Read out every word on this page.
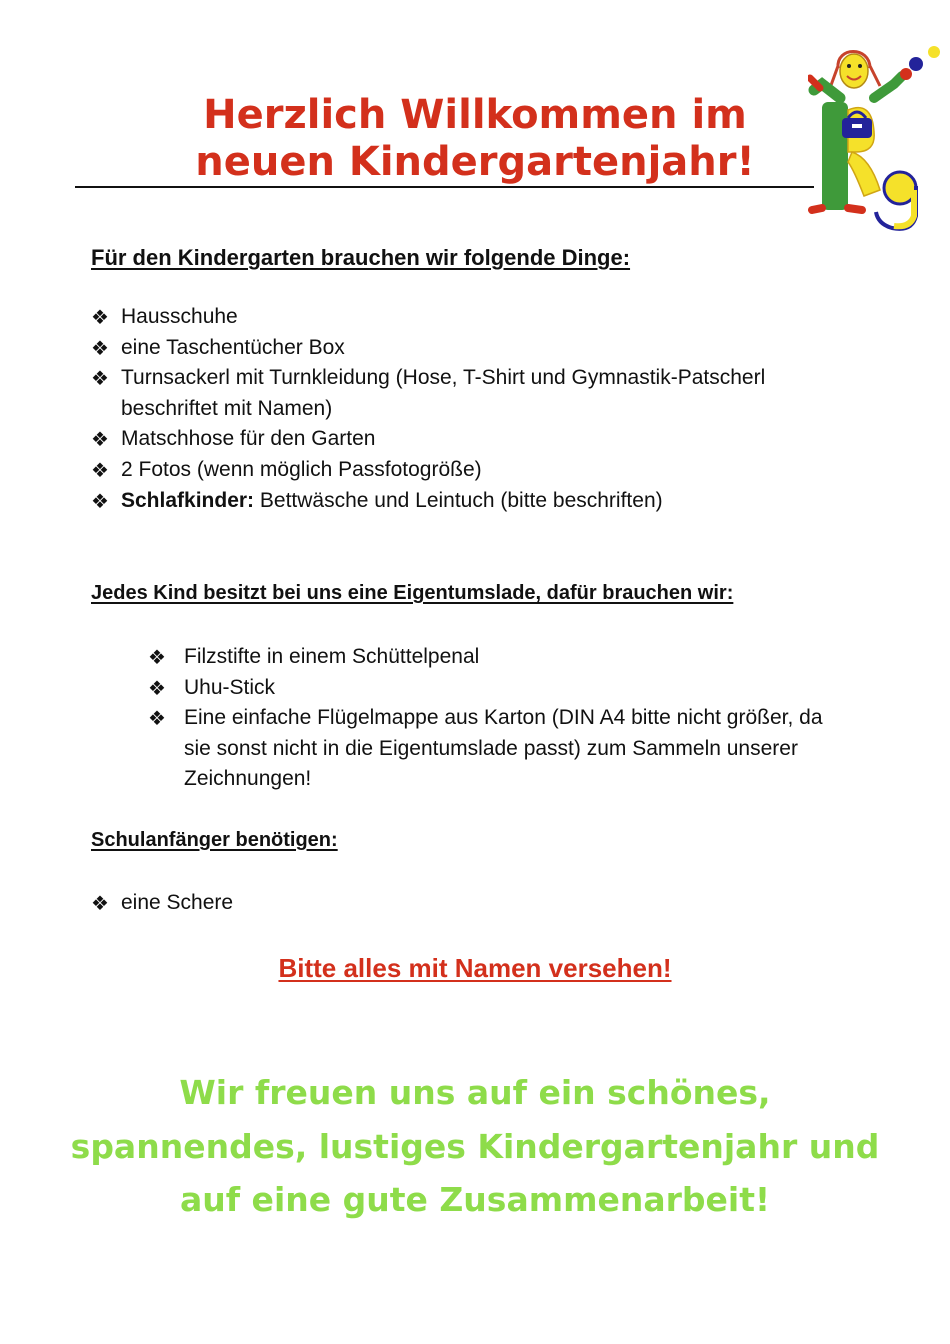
Herzlich Willkommen im
neuen Kindergartenjahr!
Für den Kindergarten brauchen wir folgende Dinge:
❖ Hausschuhe
❖ eine Taschentücher Box
❖ Turnsackerl mit Turnkleidung (Hose, T-Shirt und Gymnastik-Patscherl beschriftet mit Namen)
❖ Matschhose für den Garten
❖ 2 Fotos (wenn möglich Passfotogröße)
❖ Schlafkinder: Bettwäsche und Leintuch (bitte beschriften)
Jedes Kind besitzt bei uns eine Eigentumslade, dafür brauchen wir:
❖ Filzstifte in einem Schüttelpenal
❖ Uhu-Stick
❖ Eine einfache Flügelmappe aus Karton (DIN A4 bitte nicht größer, da sie sonst nicht in die Eigentumslade passt) zum Sammeln unserer Zeichnungen!
Schulanfänger benötigen:
❖ eine Schere

Bitte alles mit Namen versehen!

Wir freuen uns auf ein schönes,
spannendes, lustiges Kindergartenjahr und
auf eine gute Zusammenarbeit!
